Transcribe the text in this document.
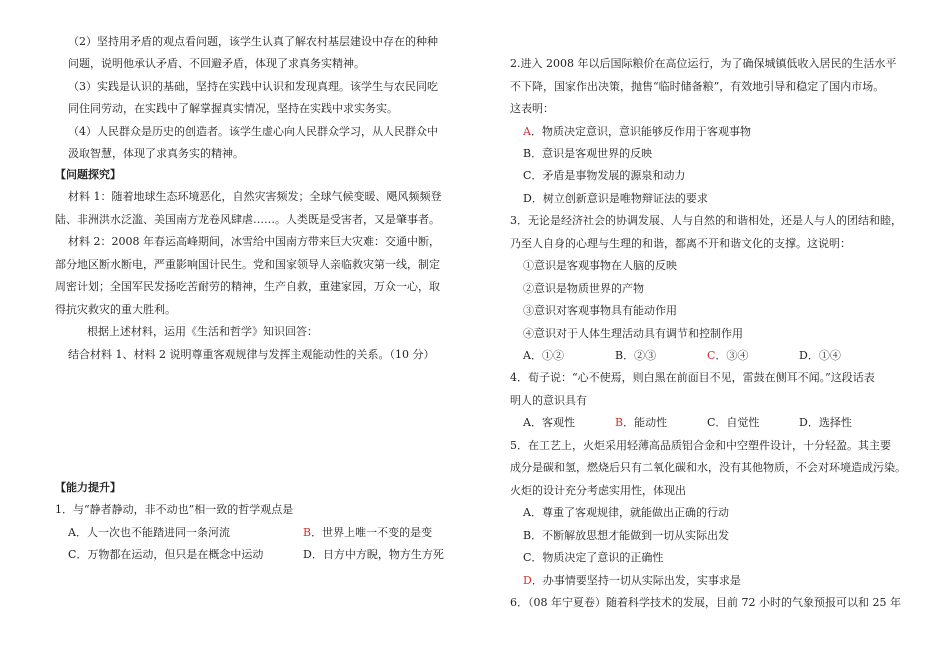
（2）坚持用矛盾的观点看问题，该学生认真了解农村基层建设中存在的种种
问题，说明他承认矛盾、不回避矛盾，体现了求真务实精神。
（3）实践是认识的基础，坚持在实践中认识和发现真理。该学生与农民同吃
同住同劳动，在实践中了解掌握真实情况，坚持在实践中求实务实。
（4）人民群众是历史的创造者。该学生虚心向人民群众学习，从人民群众中
汲取智慧，体现了求真务实的精神。
【问题探究】
材料 1：随着地球生态环境恶化，自然灾害频发；全球气候变暖、飓风频频登
陆、非洲洪水泛滥、美国南方龙卷风肆虐……。人类既是受害者，又是肇事者。
材料 2：2008 年春运高峰期间，冰雪给中国南方带来巨大灾难：交通中断，
部分地区断水断电，严重影响国计民生。党和国家领导人亲临救灾第一线，制定
周密计划；全国军民发扬吃苦耐劳的精神，生产自救，重建家园，万众一心，取
得抗灾救灾的重大胜利。
根据上述材料，运用《生活和哲学》知识回答：
结合材料 1、材料 2 说明尊重客观规律与发挥主观能动性的关系。（10 分）
【能力提升】
1．与“静者静动，非不动也”相一致的哲学观点是
A．人一次也不能踏进同一条河流	B．世界上唯一不变的是变
C．万物都在运动，但只是在概念中运动	D．日方中方睨，物方生方死
2.进入 2008 年以后国际粮价在高位运行，为了确保城镇低收入居民的生活水平
不下降，国家作出决策，抛售“临时储备粮”，有效地引导和稳定了国内市场。
这表明：
A．物质决定意识，意识能够反作用于客观事物
B．意识是客观世界的反映
C．矛盾是事物发展的源泉和动力
D．树立创新意识是唯物辩证法的要求
3．无论是经济社会的协调发展、人与自然的和谐相处，还是人与人的团结和睦，
乃至人自身的心理与生理的和谐，都离不开和谐文化的支撑。这说明：
①意识是客观事物在人脑的反映
②意识是物质世界的产物
③意识对客观事物具有能动作用
④意识对于人体生理活动具有调节和控制作用
A．①②	B．②③	C．③④	D．①④
4．荀子说：“心不使焉，则白黑在前面目不见，雷鼓在侧耳不闻。”这段话表
明人的意识具有
A．客观性	B．能动性	C．自觉性	D．选择性
5．在工艺上，火炬采用轻薄高品质铝合金和中空塑件设计，十分轻盈。其主要
成分是碳和氢，燃烧后只有二氧化碳和水，没有其他物质，不会对环境造成污染。
火炬的设计充分考虑实用性，体现出
A．尊重了客观规律，就能做出正确的行动
B．不断解放思想才能做到一切从实际出发
C．物质决定了意识的正确性
D．办事情要坚持一切从实际出发，实事求是
6．（08 年宁夏卷）随着科学技术的发展，目前 72 小时的气象预报可以和 25 年
